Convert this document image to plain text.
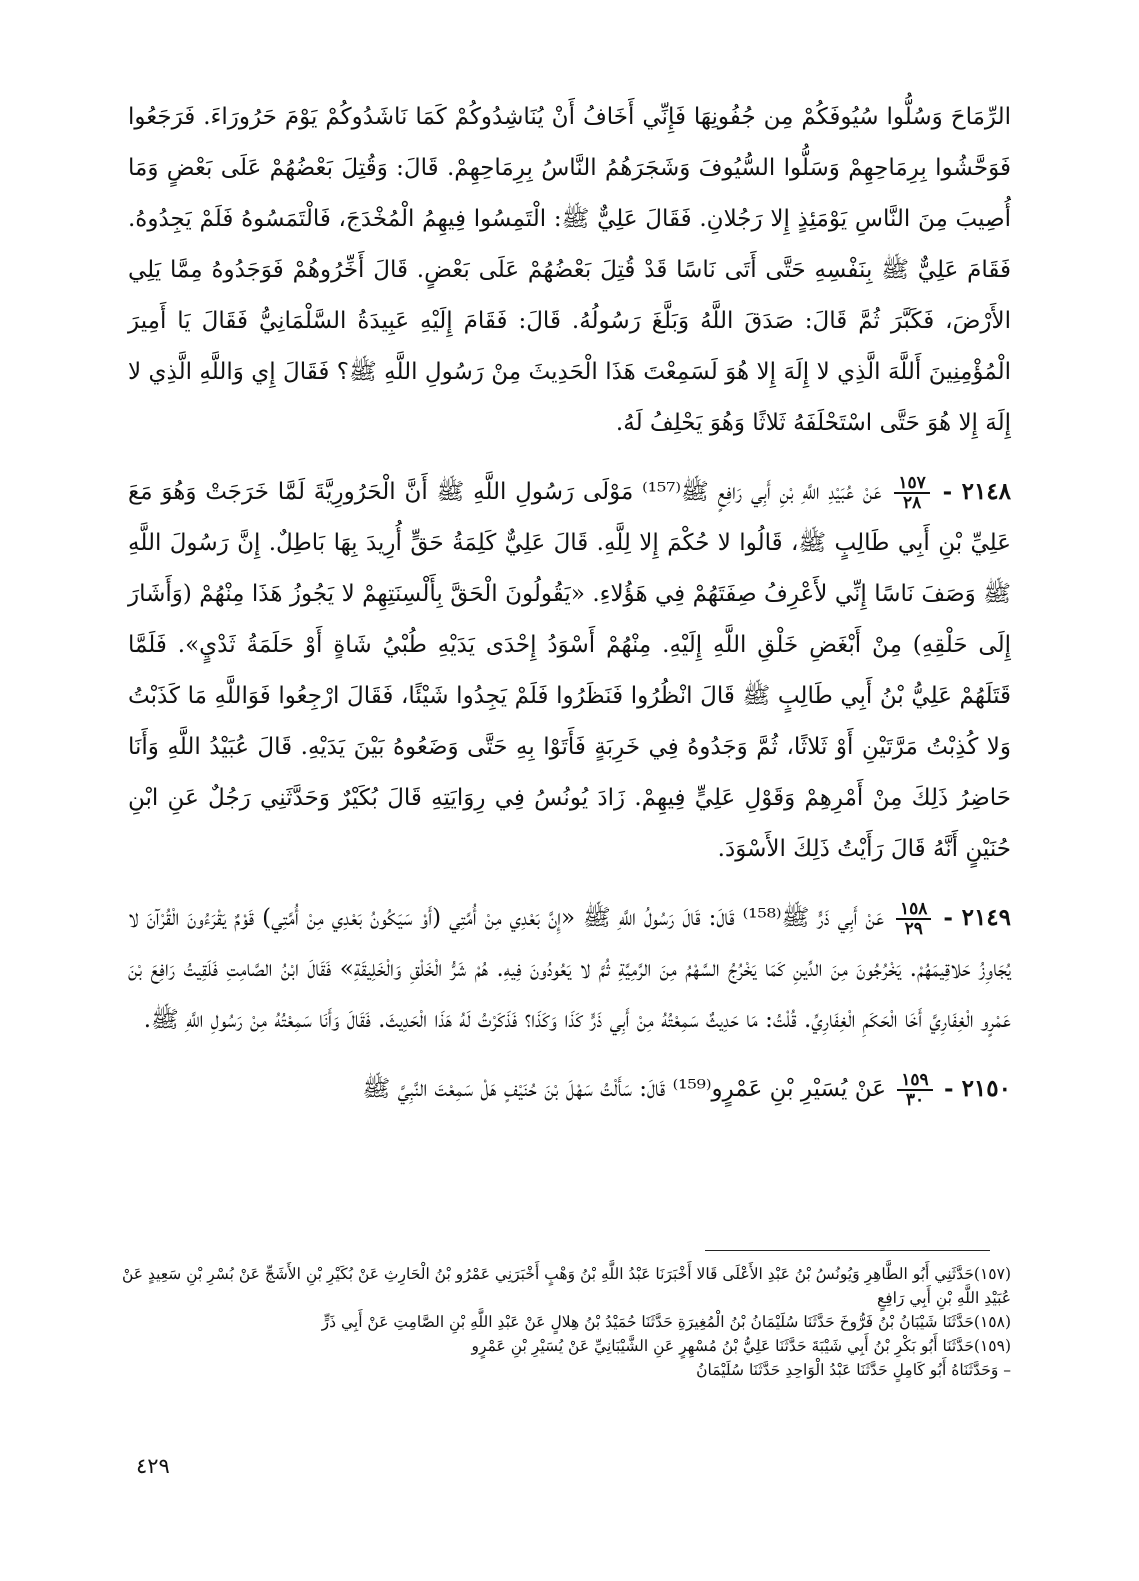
الرِّمَاحَ وَسُلُّوا سُيُوفَكُمْ مِن جُفُونِهَا فَإِنِّي أَخَافُ أَنْ يُنَاشِدُوكُمْ كَمَا نَاشَدُوكُمْ يَوْمَ حَرُورَاءَ. فَرَجَعُوا فَوَحَّشُوا بِرِمَاحِهِمْ وَسَلُّوا السُّيُوفَ وَشَجَرَهُمُ النَّاسُ بِرِمَاحِهِمْ. قَالَ: وَقُتِلَ بَعْضُهُمْ عَلَى بَعْضٍ وَمَا أُصِيبَ مِنَ النَّاسِ يَوْمَئِذٍ إِلا رَجُلانِ. فَقَالَ عَلِيٌّ ﷺ: الْتَمِسُوا فِيهِمُ الْمُخْدَجَ، فَالْتَمَسُوهُ فَلَمْ يَجِدُوهُ. فَقَامَ عَلِيٌّ ﷺ بِنَفْسِهِ حَتَّى أَتَى نَاسًا قَدْ قُتِلَ بَعْضُهُمْ عَلَى بَعْضٍ. قَالَ أَخِّرُوهُمْ فَوَجَدُوهُ مِمَّا يَلِي الأَرْضَ، فَكَبَّرَ ثُمَّ قَالَ: صَدَقَ اللَّهُ وَبَلَّغَ رَسُولُهُ. قَالَ: فَقَامَ إِلَيْهِ عَبِيدَةُ السَّلْمَانِيُّ فَقَالَ يَا أَمِيرَ الْمُؤْمِنِينَ أَللَّهَ الَّذِي لا إِلَهَ إِلا هُوَ لَسَمِعْتَ هَذَا الْحَدِيثَ مِنْ رَسُولِ اللَّهِ ﷺ؟ فَقَالَ إِي وَاللَّهِ الَّذِي لا إِلَهَ إِلا هُوَ حَتَّى اسْتَحْلَفَهُ ثَلاثًا وَهُوَ يَحْلِفُ لَهُ.

٢١٤٨ -
$\frac{١٥٧}{٢٨}$
عَنْ عُبَيْدِ اللَّهِ بْنِ أَبِي رَافِعٍ ﷺ⁽¹⁵⁷⁾ مَوْلَى رَسُولِ اللَّهِ ﷺ أَنَّ الْحَرُورِيَّةَ لَمَّا خَرَجَتْ وَهُوَ مَعَ عَلِيِّ بْنِ أَبِي طَالِبٍ ﷺ، قَالُوا لا حُكْمَ إِلا لِلَّهِ. قَالَ عَلِيٌّ كَلِمَةُ حَقٍّ أُرِيدَ بِهَا بَاطِلٌ. إِنَّ رَسُولَ اللَّهِ ﷺ وَصَفَ نَاسًا إِنِّي لأَعْرِفُ صِفَتَهُمْ فِي هَؤُلاءِ. «يَقُولُونَ الْحَقَّ بِأَلْسِنَتِهِمْ لا يَجُوزُ هَذَا مِنْهُمْ (وَأَشَارَ إِلَى حَلْقِهِ) مِنْ أَبْغَضِ خَلْقِ اللَّهِ إِلَيْهِ. مِنْهُمْ أَسْوَدُ إِحْدَى يَدَيْهِ طُبْيُ شَاةٍ أَوْ حَلَمَةُ ثَدْيٍ». فَلَمَّا قَتَلَهُمْ عَلِيُّ بْنُ أَبِي طَالِبٍ ﷺ قَالَ انْظُرُوا فَنَظَرُوا فَلَمْ يَجِدُوا شَيْئًا، فَقَالَ ارْجِعُوا فَوَاللَّهِ مَا كَذَبْتُ وَلا كُذِبْتُ مَرَّتَيْنِ أَوْ ثَلاثًا، ثُمَّ وَجَدُوهُ فِي خَرِبَةٍ فَأَتَوْا بِهِ حَتَّى وَضَعُوهُ بَيْنَ يَدَيْهِ. قَالَ عُبَيْدُ اللَّهِ وَأَنَا حَاضِرُ ذَلِكَ مِنْ أَمْرِهِمْ وَقَوْلِ عَلِيٍّ فِيهِمْ. زَادَ يُونُسُ فِي رِوَايَتِهِ قَالَ بُكَيْرٌ وَحَدَّثَنِي رَجُلٌ عَنِ ابْنِ حُنَيْنٍ أَنَّهُ قَالَ رَأَيْتُ ذَلِكَ الأَسْوَدَ.

٢١٤٩ -
$\frac{١٥٨}{٢٩}$
عَنْ أَبِي ذَرٍّ ﷺ⁽¹⁵⁸⁾ قَالَ: قَالَ رَسُولُ اللَّهِ ﷺ «إِنَّ بَعْدِي مِنْ أُمَّتِي (أَوْ سَيَكُونُ بَعْدِي مِنْ أُمَّتِي) قَوْمٌ يَقْرَءُونَ الْقُرْآنَ لا يُجَاوِزُ حَلاقِيمَهُمْ. يَخْرُجُونَ مِنَ الدِّينِ كَمَا يَخْرُجُ السَّهْمُ مِنَ الرَّمِيَّةِ ثُمَّ لا يَعُودُونَ فِيهِ. هُمْ شَرُّ الْخَلْقِ وَالْخَلِيقَةِ» فَقَالَ ابْنُ الصَّامِتِ فَلَقِيتُ رَافِعَ بْنَ عَمْرٍو الْغِفَارِيَّ أَخَا الْحَكَمِ الْغِفَارِيِّ. قُلْتُ: مَا حَدِيثٌ سَمِعْتُهُ مِنْ أَبِي ذَرٍّ كَذَا وَكَذَا؟ فَذَكَرْتُ لَهُ هَذَا الْحَدِيثَ. فَقَالَ وَأَنَا سَمِعْتُهُ مِنْ رَسُولِ اللَّهِ ﷺ.

٢١٥٠ -
$\frac{١٥٩}{٣٠}$
عَنْ يُسَيْرِ بْنِ عَمْرٍو⁽¹⁵⁹⁾ قَالَ: سَأَلْتُ سَهْلَ بْنَ حُنَيْفٍ هَلْ سَمِعْتَ النَّبِيَّ ﷺ

(١٥٧)حَدَّثَنِي أَبُو الطَّاهِرِ وَيُونُسُ بْنُ عَبْدِ الأَعْلَى قَالا أَخْبَرَنَا عَبْدُ اللَّهِ بْنُ وَهْبٍ أَخْبَرَنِي عَمْرُو بْنُ الْحَارِثِ عَنْ بُكَيْرِ بْنِ الأَشَجِّ عَنْ بُسْرِ بْنِ سَعِيدٍ عَنْ عُبَيْدِ اللَّهِ بْنِ أَبِي رَافِعٍ

(١٥٨)حَدَّثَنَا شَيْبَانُ بْنُ فَرُّوخَ حَدَّثَنَا سُلَيْمَانُ بْنُ الْمُغِيرَةِ حَدَّثَنَا حُمَيْدُ بْنُ هِلالٍ عَنْ عَبْدِ اللَّهِ بْنِ الصَّامِتِ عَنْ أَبِي ذَرٍّ

(١٥٩)حَدَّثَنَا أَبُو بَكْرِ بْنُ أَبِي شَيْبَةَ حَدَّثَنَا عَلِيُّ بْنُ مُسْهِرٍ عَنِ الشَّيْبَانِيِّ عَنْ يُسَيْرِ بْنِ عَمْرٍو

– وَحَدَّثَنَاهُ أَبُو كَامِلٍ حَدَّثَنَا عَبْدُ الْوَاحِدِ حَدَّثَنَا سُلَيْمَانُ

٤٢٩
